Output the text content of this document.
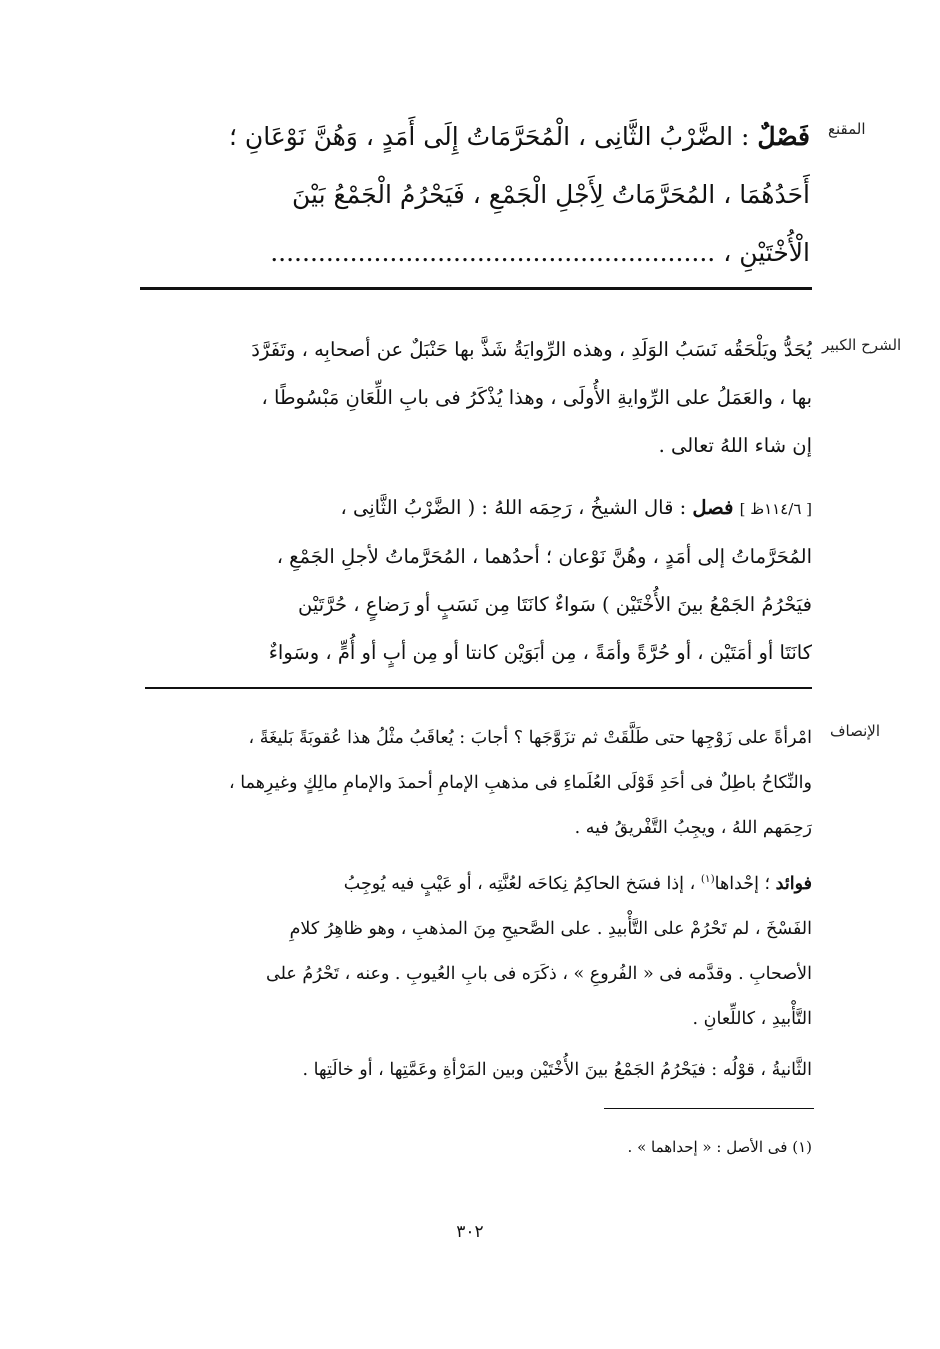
المقنع
الشرح الكبير
الإنصاف
فَصْلٌ : الضَّرْبُ الثَّانِى ، الْمُحَرَّمَاتُ إِلَى أَمَدٍ ، وَهُنَّ نَوْعَانِ ؛
أَحَدُهُمَا ، المُحَرَّمَاتُ لِأَجْلِ الْجَمْعِ ، فَيَحْرُمُ الْجَمْعُ بَيْنَ
الْأُخْتَيْنِ ، ........................................................
يُحَدُّ ويَلْحَقُه نَسَبُ الوَلَدِ ، وهذه الرِّوايَةُ شَذَّ بها حَنْبَلٌ عن أصحابِه ، وتَفَرَّدَ
بها ، والعَمَلُ على الرِّوايةِ الأُولَى ، وهذا يُذْكَرُ فى بابِ اللِّعَانِ مَبْسُوطًا ،
إن شاء اللهُ تعالى .
[ ١١٤/٦ظ ] فصل : قال الشيخُ ، رَحِمَه اللهُ : ( الضَّرْبُ الثَّانِى ،
المُحَرَّماتُ إلى أمَدٍ ، وهُنَّ نَوْعان ؛ أحدُهما ، المُحَرَّماتُ لأجلِ الجَمْعِ ،
فيَحْرُمُ الجَمْعُ بينَ الأُخْتَيْن ) سَواءٌ كانَتَا مِن نَسَبٍ أو رَضاعٍ ، حُرَّتَيْن
كانَتَا أو أمَتَيْن ، أو حُرَّةً وأمَةً ، مِن أبَوَيْن كانتا أو مِن أبٍ أو أُمٍّ ، وسَواءٌ
امْرأةً على زَوْجِها حتى طَلَّقَتْ ثم تزَوَّجَها ؟ أجابَ : يُعاقَبُ مثْلُ هذا عُقوبَةً بَليغَةً ،
والنِّكاحُ باطِلٌ فى أحَدِ قَوْلَى العُلَماءِ فى مذهبِ الإمامِ أحمدَ والإمامِ مالِكٍ وغيرِهما ،
رَحِمَهم اللهُ ، ويجِبُ التَّفْريقُ فيه .
فوائد ؛ إحْداها$^{(١)}$ ، إذا فسَخ الحاكِمُ نِكاحَه لعُنَّتِه ، أو عَيْبٍ فيه يُوجِبُ
الفَسْخَ ، لم تَحْرُمْ على التَّأْبيدِ . على الصَّحيحِ مِنَ المذهبِ ، وهو ظاهِرُ كلامِ
الأصحابِ . وقدَّمه فى « الفُروعِ » ، ذكَرَه فى بابِ العُيوبِ . وعنه ، تَحْرُمُ على
التَّأْبيدِ ، كاللِّعانِ .
الثَّانيةُ ، قوْلُه : فيَحْرُمُ الجَمْعُ بينَ الأُخْتَيْن وبين المَرْأةِ وعَمَّتِها ، أو خالَتِها .
(١) فى الأصل : « إحداهما » .
٣٠٢
